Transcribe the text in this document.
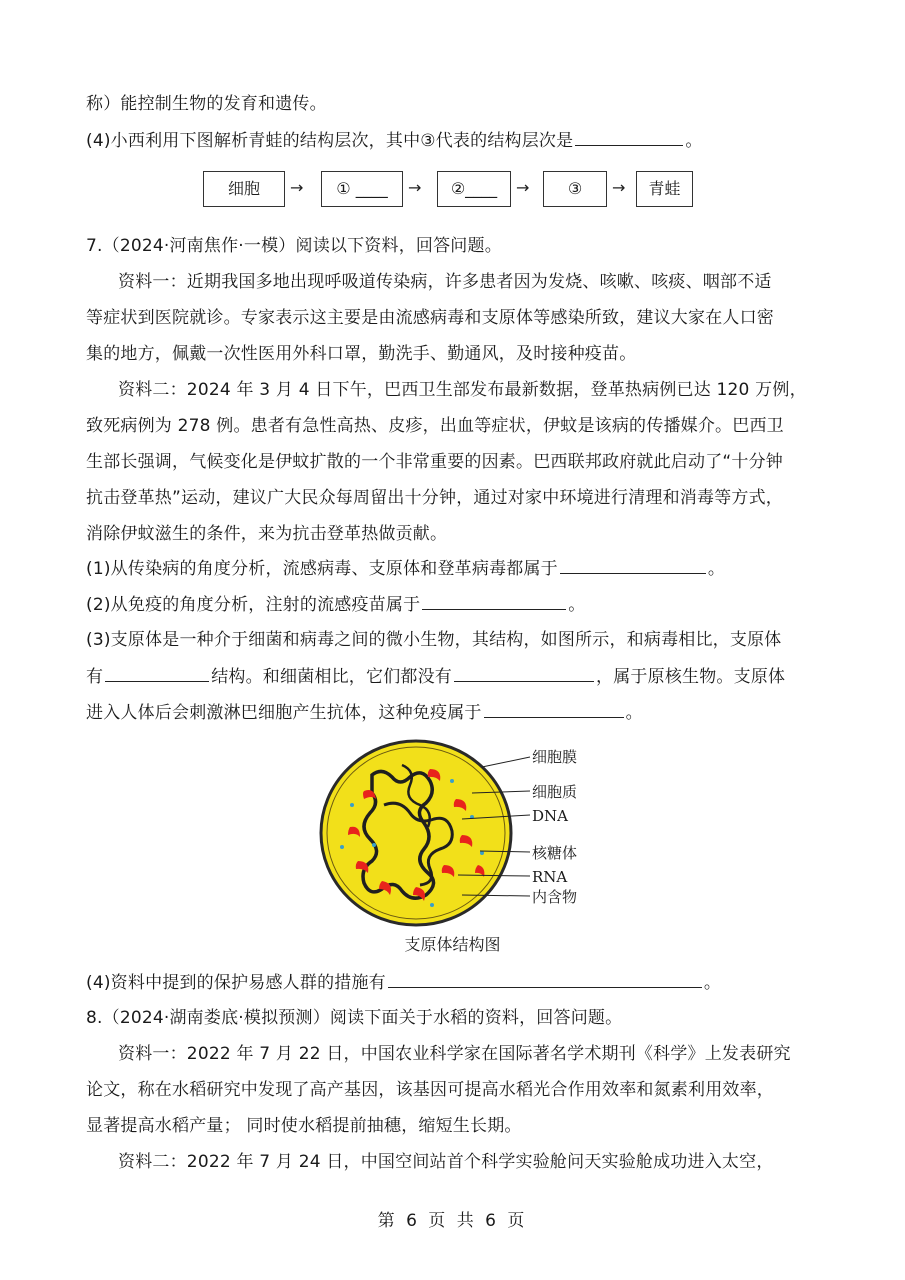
称）能控制生物的发育和遗传。
(4)小西利用下图解析青蛙的结构层次，其中③代表的结构层次是	。
细胞	→	① ____	→	②____	→	③	→	青蛙
7.（2024·河南焦作·一模）阅读以下资料，回答问题。
资料一：近期我国多地出现呼吸道传染病，许多患者因为发烧、咳嗽、咳痰、咽部不适
等症状到医院就诊。专家表示这主要是由流感病毒和支原体等感染所致，建议大家在人口密
集的地方，佩戴一次性医用外科口罩，勤洗手、勤通风，及时接种疫苗。
资料二：2024 年 3 月 4 日下午，巴西卫生部发布最新数据，登革热病例已达 120 万例，
致死病例为 278 例。患者有急性高热、皮疹，出血等症状，伊蚊是该病的传播媒介。巴西卫
生部长强调，气候变化是伊蚊扩散的一个非常重要的因素。巴西联邦政府就此启动了“十分钟
抗击登革热”运动，建议广大民众每周留出十分钟，通过对家中环境进行清理和消毒等方式，
消除伊蚊滋生的条件，来为抗击登革热做贡献。
(1)从传染病的角度分析，流感病毒、支原体和登革病毒都属于	。
(2)从免疫的角度分析，注射的流感疫苗属于	。
(3)支原体是一种介于细菌和病毒之间的微小生物，其结构，如图所示，和病毒相比，支原体
有	结构。和细菌相比，它们都没有	，属于原核生物。支原体
进入人体后会刺激淋巴细胞产生抗体，这种免疫属于	。
细胞膜
细胞质
DNA
核糖体
RNA
内含物
支原体结构图
(4)资料中提到的保护易感人群的措施有	。
8.（2024·湖南娄底·模拟预测）阅读下面关于水稻的资料，回答问题。
资料一：2022 年 7 月 22 日，中国农业科学家在国际著名学术期刊《科学》上发表研究
论文，称在水稻研究中发现了高产基因，该基因可提高水稻光合作用效率和氮素利用效率，
显著提高水稻产量； 同时使水稻提前抽穗，缩短生长期。
资料二：2022 年 7 月 24 日，中国空间站首个科学实验舱问天实验舱成功进入太空，
第 6 页 共 6 页
